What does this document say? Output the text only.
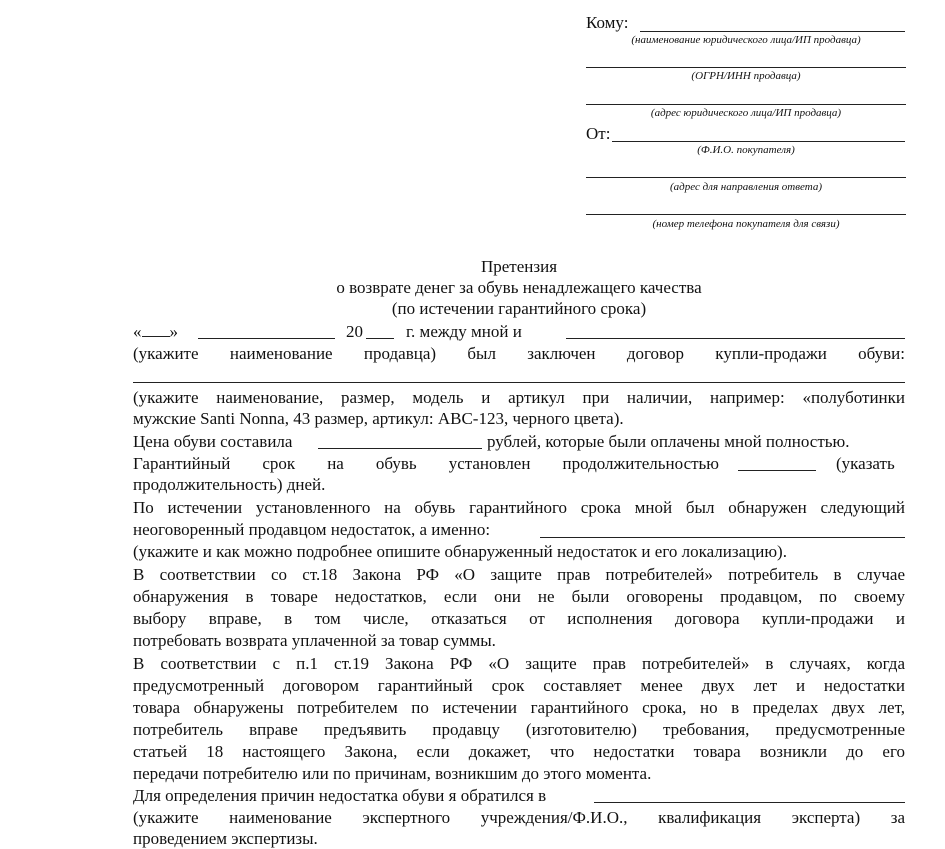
Кому:
(наименование юридического лица/ИП продавца)
(ОГРН/ИНН продавца)
(адрес юридического лица/ИП продавца)
От:
(Ф.И.О. покупателя)
(адрес для направления ответа)
(номер телефона покупателя для связи)
Претензия
о возврате денег за обувь ненадлежащего качества
(по истечении гарантийного срока)
« »	20	г. между мной и
(укажите наименование продавца) был заключен договор купли-продажи обуви:
(укажите наименование, размер, модель и артикул при наличии, например: «полуботинки
мужские Santi Nonna, 43 размер, артикул: ABC-123, черного цвета).
Цена обуви составила	рублей, которые были оплачены мной полностью.
Гарантийный срок на обувь установлен продолжительностью	(указать
продолжительность) дней.
По истечении установленного на обувь гарантийного срока мной был обнаружен следующий
неоговоренный продавцом недостаток, а именно:
(укажите и как можно подробнее опишите обнаруженный недостаток и его локализацию).
В соответствии со ст.18 Закона РФ «О защите прав потребителей» потребитель в случае
обнаружения в товаре недостатков, если они не были оговорены продавцом, по своему
выбору вправе, в том числе, отказаться от исполнения договора купли-продажи и
потребовать возврата уплаченной за товар суммы.
В соответствии с п.1 ст.19 Закона РФ «О защите прав потребителей» в случаях, когда
предусмотренный договором гарантийный срок составляет менее двух лет и недостатки
товара обнаружены потребителем по истечении гарантийного срока, но в пределах двух лет,
потребитель вправе предъявить продавцу (изготовителю) требования, предусмотренные
статьей 18 настоящего Закона, если докажет, что недостатки товара возникли до его
передачи потребителю или по причинам, возникшим до этого момента.
Для определения причин недостатка обуви я обратился в
(укажите наименование экспертного учреждения/Ф.И.О., квалификация эксперта) за
проведением экспертизы.
